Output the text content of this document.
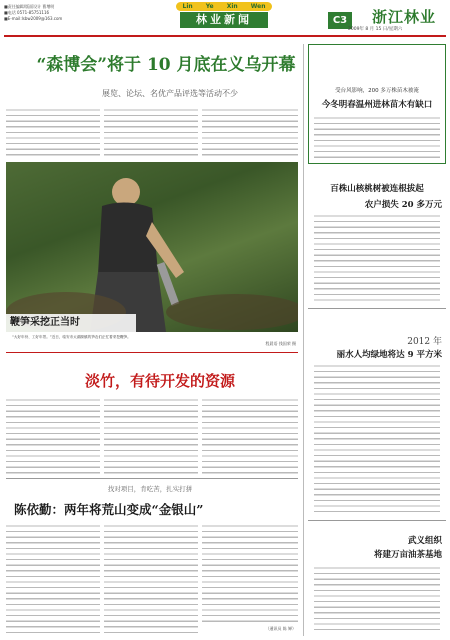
■责任编辑/版面设计 曹增明
■电话 0571-85751116
■E-mail:lsbw2009@163.com
Lin Ye Xin Wen
林业新闻	C3	浙江林业
2009年 8 月 15 日/星期六
“森博会”将于 10 月底在义乌开幕
展览、论坛、名优产品评选等活动不少
鞭笋采挖正当时
“大好年份、工好年景。”近日，临安市太湖源镇的笋农们正忙着采挖鞭笋。
程晨语 钱国荣 摄
淡竹，有待开发的资源
找对项目，肯吃苦，扎实打拼
陈依勤：两年将荒山变成“金银山”
（通讯员 陈 婵）
受台风影响，200 多万株苗木被淹
今冬明春温州进林苗木有缺口
百株山核桃树被连根拔起
农户损失 20 多万元
2012 年
丽水人均绿地将达 9 平方米
武义组织
将建万亩油茶基地
